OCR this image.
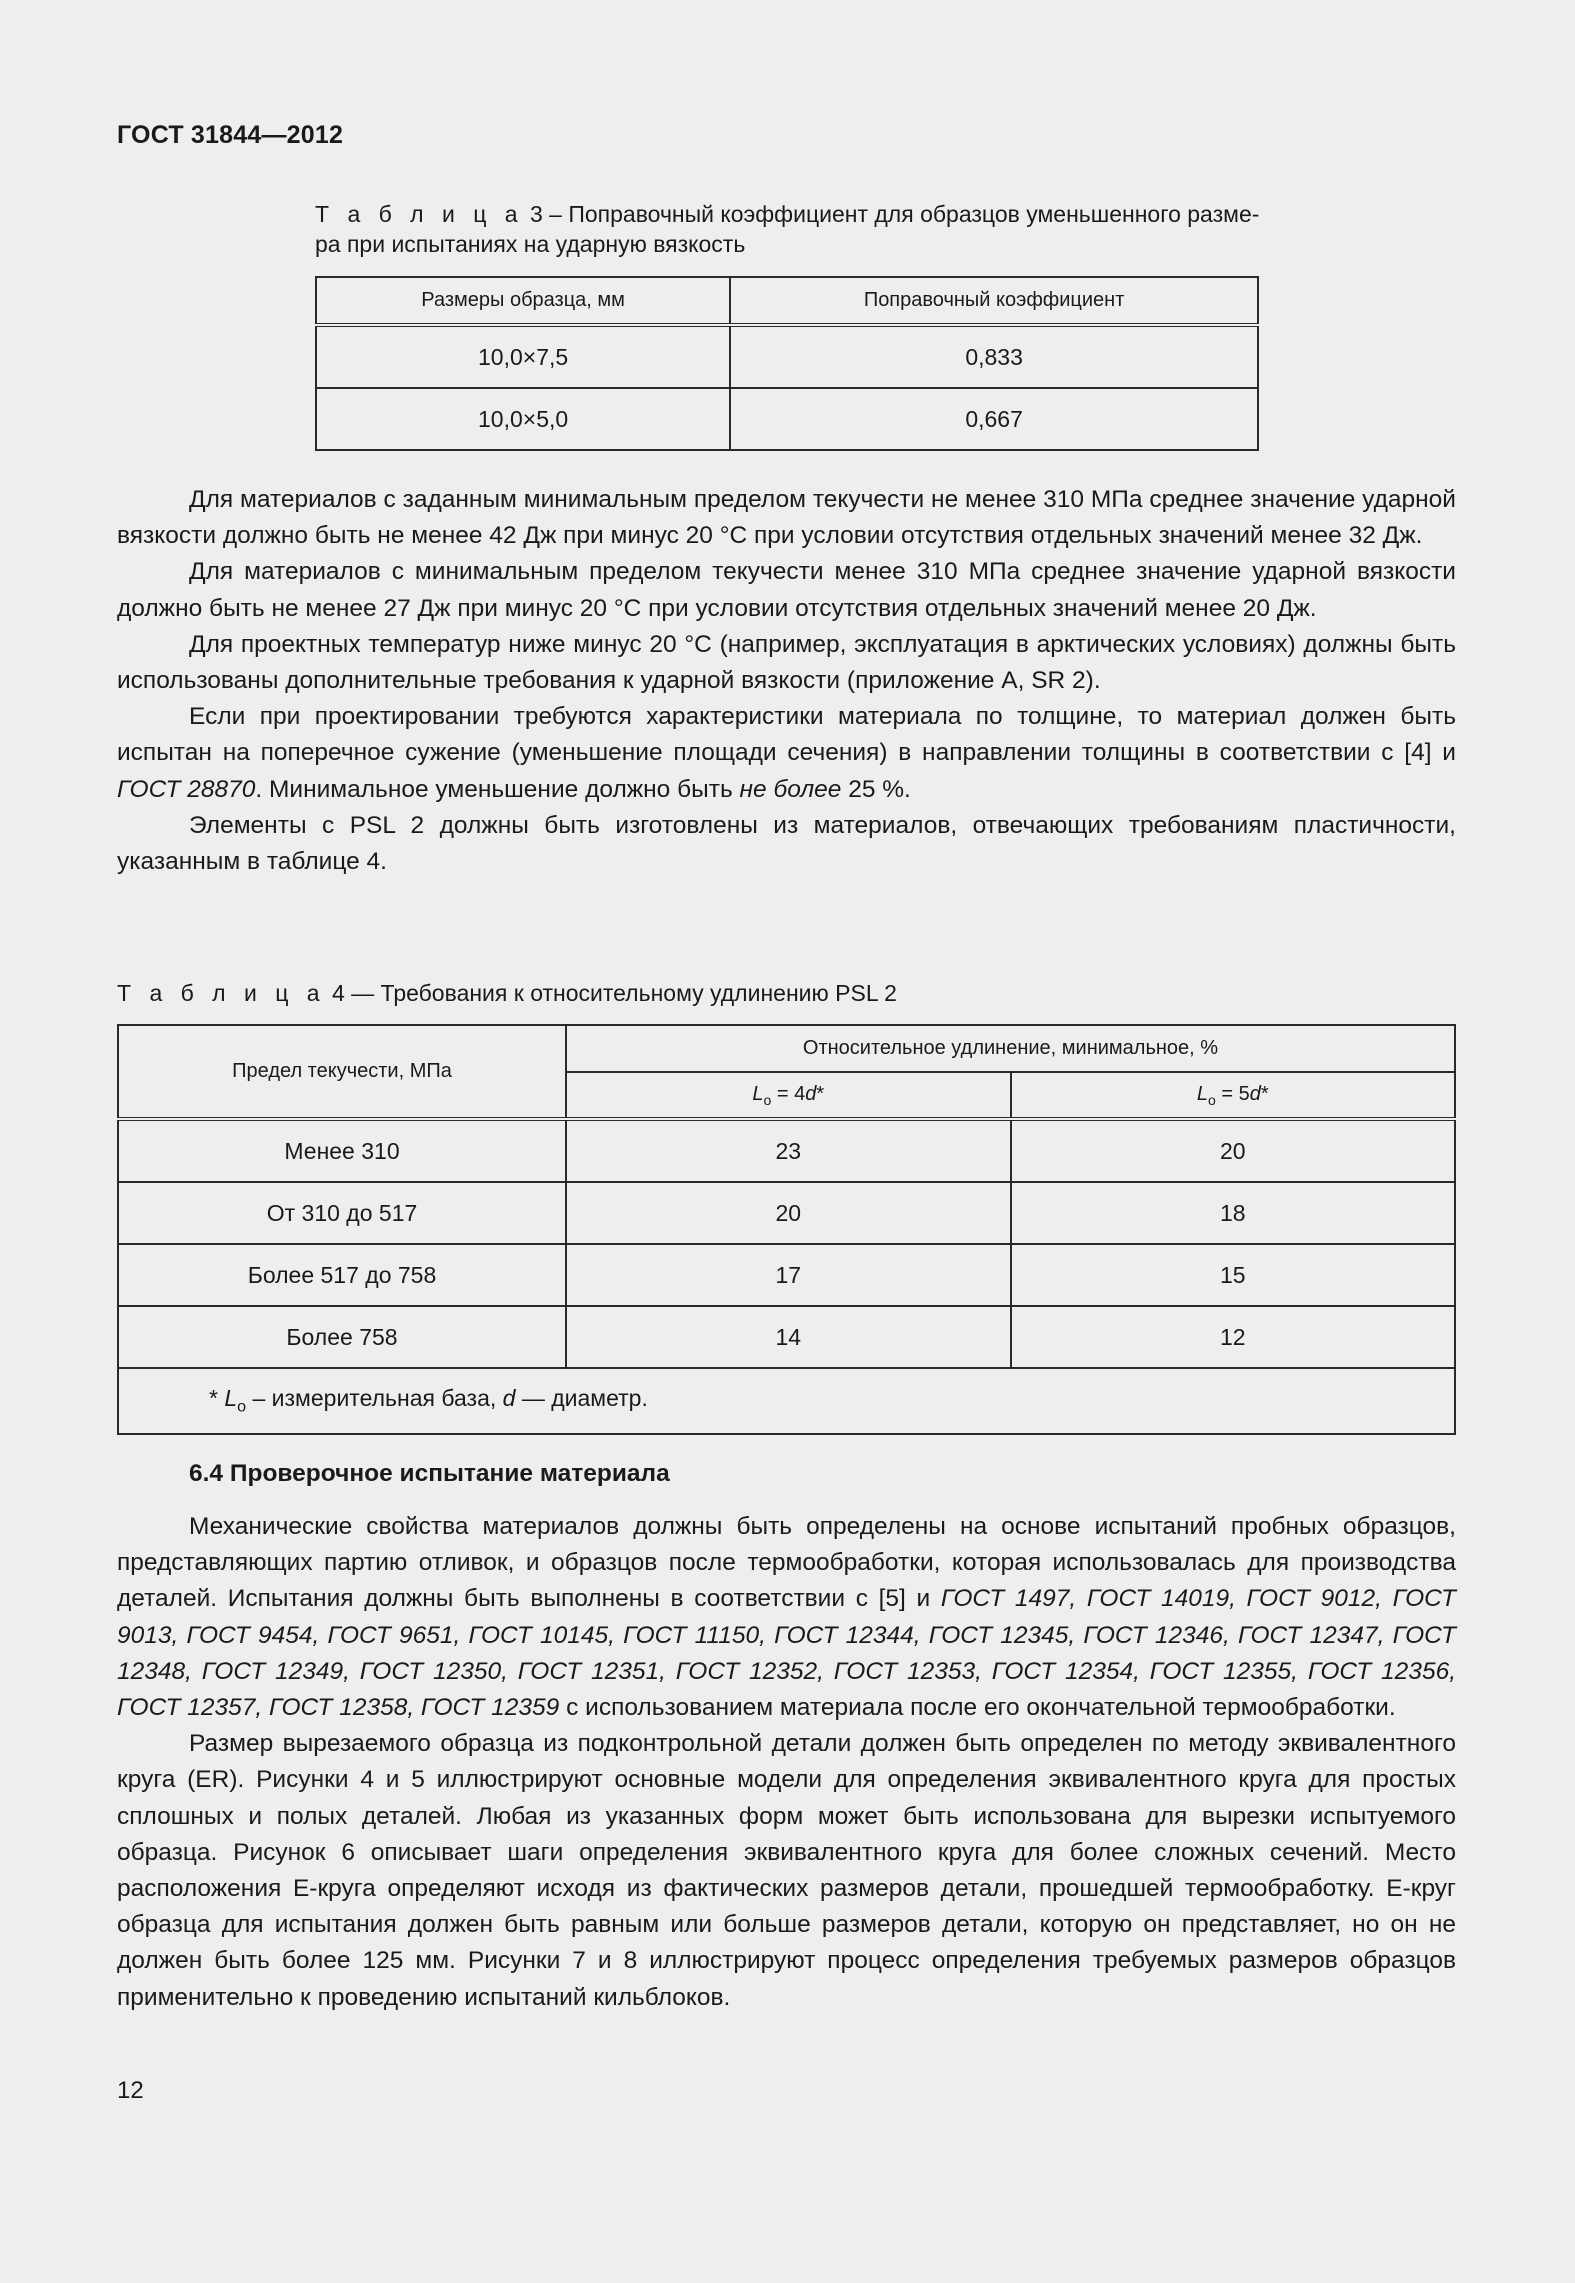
ГОСТ 31844—2012
Т а б л и ц а 3 – Поправочный коэффициент для образцов уменьшенного разме-ра при испытаниях на ударную вязкость
Размеры образца, мм	Поправочный коэффициент
10,0×7,5	0,833
10,0×5,0	0,667

Для материалов с заданным минимальным пределом текучести не менее 310 МПа среднее значение ударной вязкости должно быть не менее 42 Дж при минус 20 °С при условии отсутствия отдельных значений менее 32 Дж.

Для материалов с минимальным пределом текучести менее 310 МПа среднее значение ударной вязкости должно быть не менее 27 Дж при минус 20 °С при условии отсутствия отдельных значений менее 20 Дж.

Для проектных температур ниже минус 20 °С (например, эксплуатация в арктических условиях) должны быть использованы дополнительные требования к ударной вязкости (приложение А, SR 2).

Если при проектировании требуются характеристики материала по толщине, то материал должен быть испытан на поперечное сужение (уменьшение площади сечения) в направлении толщины в соответствии с [4] и ГОСТ 28870. Минимальное уменьшение должно быть не более 25 %.

Элементы с PSL 2 должны быть изготовлены из материалов, отвечающих требованиям пластичности, указанным в таблице 4.

Т а б л и ц а 4 — Требования к относительному удлинению PSL 2
Предел текучести, МПа	Относительное удлинение, минимальное, %	
	$L_o = 4d*$	$L_o = 5d*$
Менее 310	23	20
От 310 до 517	20	18
Более 517 до 758	17	15
Более 758	14	12
* $L_o$ – измерительная база, d — диаметр.		
6.4 Проверочное испытание материала

Механические свойства материалов должны быть определены на основе испытаний пробных образцов, представляющих партию отливок, и образцов после термообработки, которая использовалась для производства деталей. Испытания должны быть выполнены в соответствии с [5] и ГОСТ 1497, ГОСТ 14019, ГОСТ 9012, ГОСТ 9013, ГОСТ 9454, ГОСТ 9651, ГОСТ 10145, ГОСТ 11150, ГОСТ 12344, ГОСТ 12345, ГОСТ 12346, ГОСТ 12347, ГОСТ 12348, ГОСТ 12349, ГОСТ 12350, ГОСТ 12351, ГОСТ 12352, ГОСТ 12353, ГОСТ 12354, ГОСТ 12355, ГОСТ 12356, ГОСТ 12357, ГОСТ 12358, ГОСТ 12359 с использованием материала после его окончательной термообработки.

Размер вырезаемого образца из подконтрольной детали должен быть определен по методу эквивалентного круга (ER). Рисунки 4 и 5 иллюстрируют основные модели для определения эквивалентного круга для простых сплошных и полых деталей. Любая из указанных форм может быть использована для вырезки испытуемого образца. Рисунок 6 описывает шаги определения эквивалентного круга для более сложных сечений. Место расположения Е-круга определяют исходя из фактических размеров детали, прошедшей термообработку. Е-круг образца для испытания должен быть равным или больше размеров детали, которую он представляет, но он не должен быть более 125 мм. Рисунки 7 и 8 иллюстрируют процесс определения требуемых размеров образцов применительно к проведению испытаний кильблоков.

12
